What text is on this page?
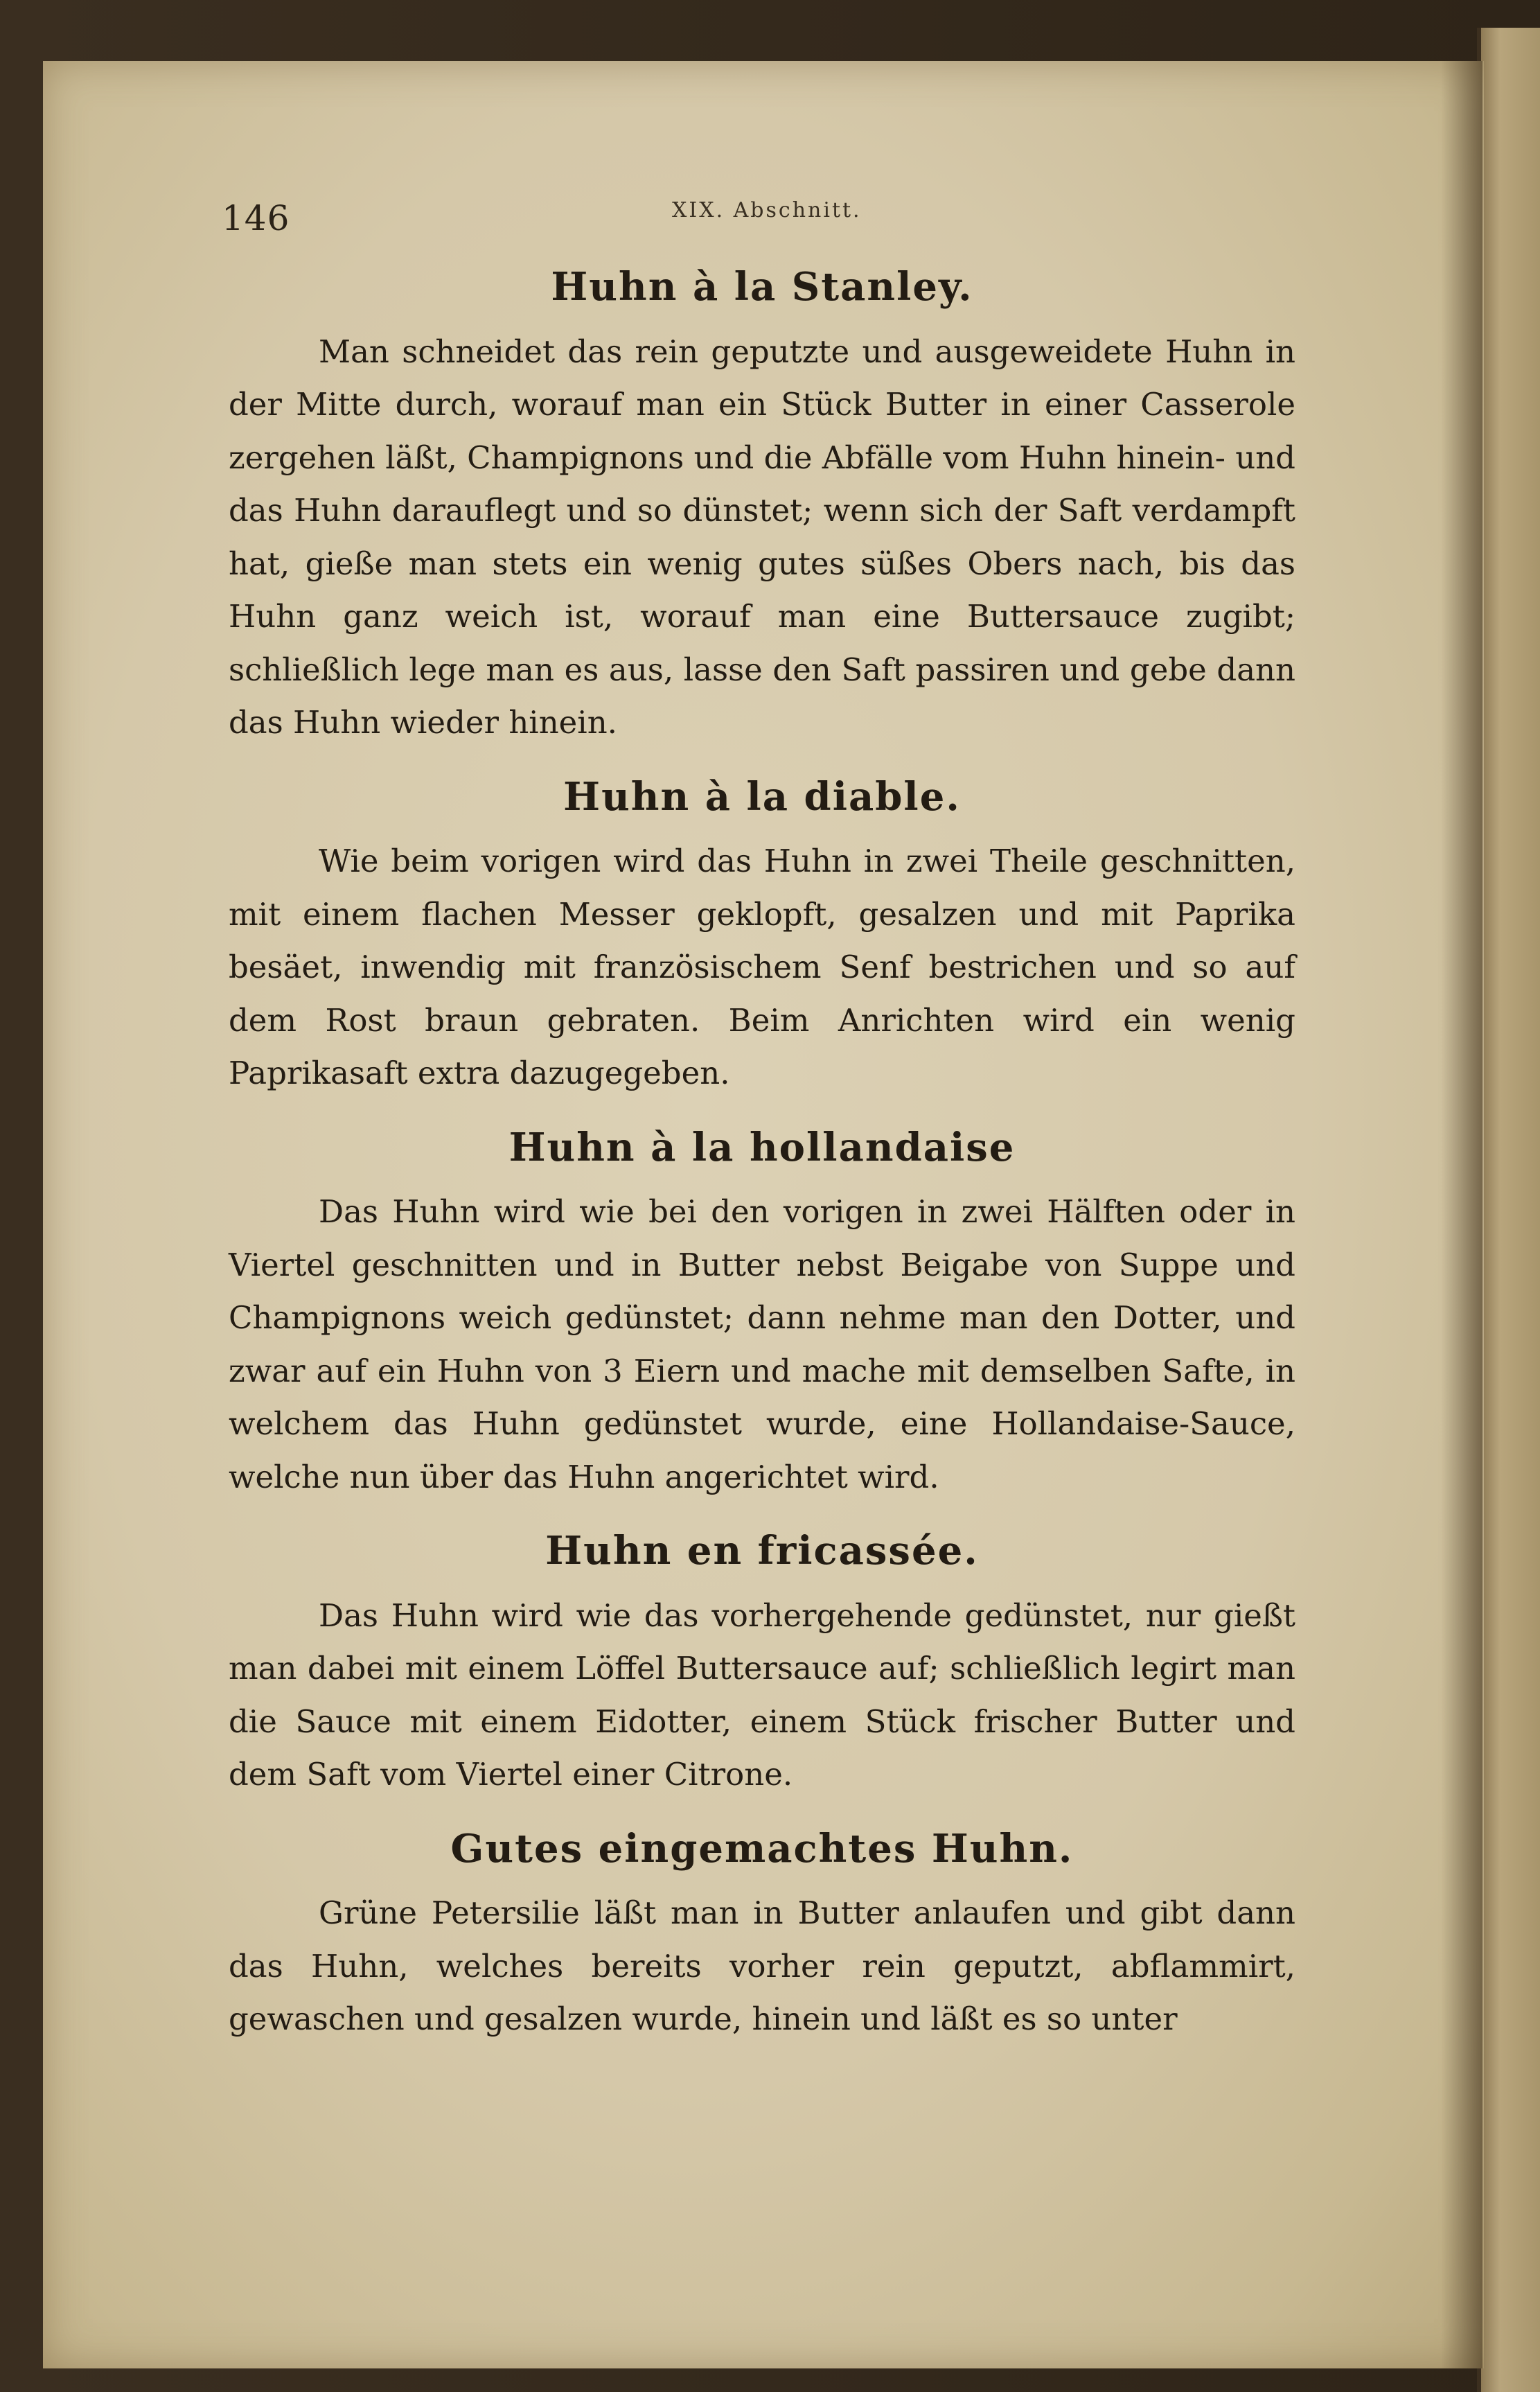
146	XIX. Abschnitt.
Huhn à la Stanley.

Man schneidet das rein geputzte und ausgeweidete Huhn in der Mitte durch, worauf man ein Stück Butter in einer Casserole zergehen läßt, Champignons und die Abfälle vom Huhn hinein- und das Huhn darauflegt und so dünstet; wenn sich der Saft verdampft hat, gieße man stets ein wenig gutes süßes Obers nach, bis das Huhn ganz weich ist, worauf man eine Buttersauce zugibt; schließlich lege man es aus, lasse den Saft passiren und gebe dann das Huhn wieder hinein.

Huhn à la diable.

Wie beim vorigen wird das Huhn in zwei Theile geschnitten, mit einem flachen Messer geklopft, gesalzen und mit Paprika besäet, inwendig mit französischem Senf bestrichen und so auf dem Rost braun gebraten. Beim Anrichten wird ein wenig Paprikasaft extra dazugegeben.

Huhn à la hollandaise

Das Huhn wird wie bei den vorigen in zwei Hälften oder in Viertel geschnitten und in Butter nebst Beigabe von Suppe und Champignons weich gedünstet; dann nehme man den Dotter, und zwar auf ein Huhn von 3 Eiern und mache mit demselben Safte, in welchem das Huhn gedünstet wurde, eine Hollandaise-Sauce, welche nun über das Huhn angerichtet wird.

Huhn en fricassée.

Das Huhn wird wie das vorhergehende gedünstet, nur gießt man dabei mit einem Löffel Buttersauce auf; schließlich legirt man die Sauce mit einem Eidotter, einem Stück frischer Butter und dem Saft vom Viertel einer Citrone.

Gutes eingemachtes Huhn.

Grüne Petersilie läßt man in Butter anlaufen und gibt dann das Huhn, welches bereits vorher rein geputzt, abflammirt, gewaschen und gesalzen wurde, hinein und läßt es so unter
